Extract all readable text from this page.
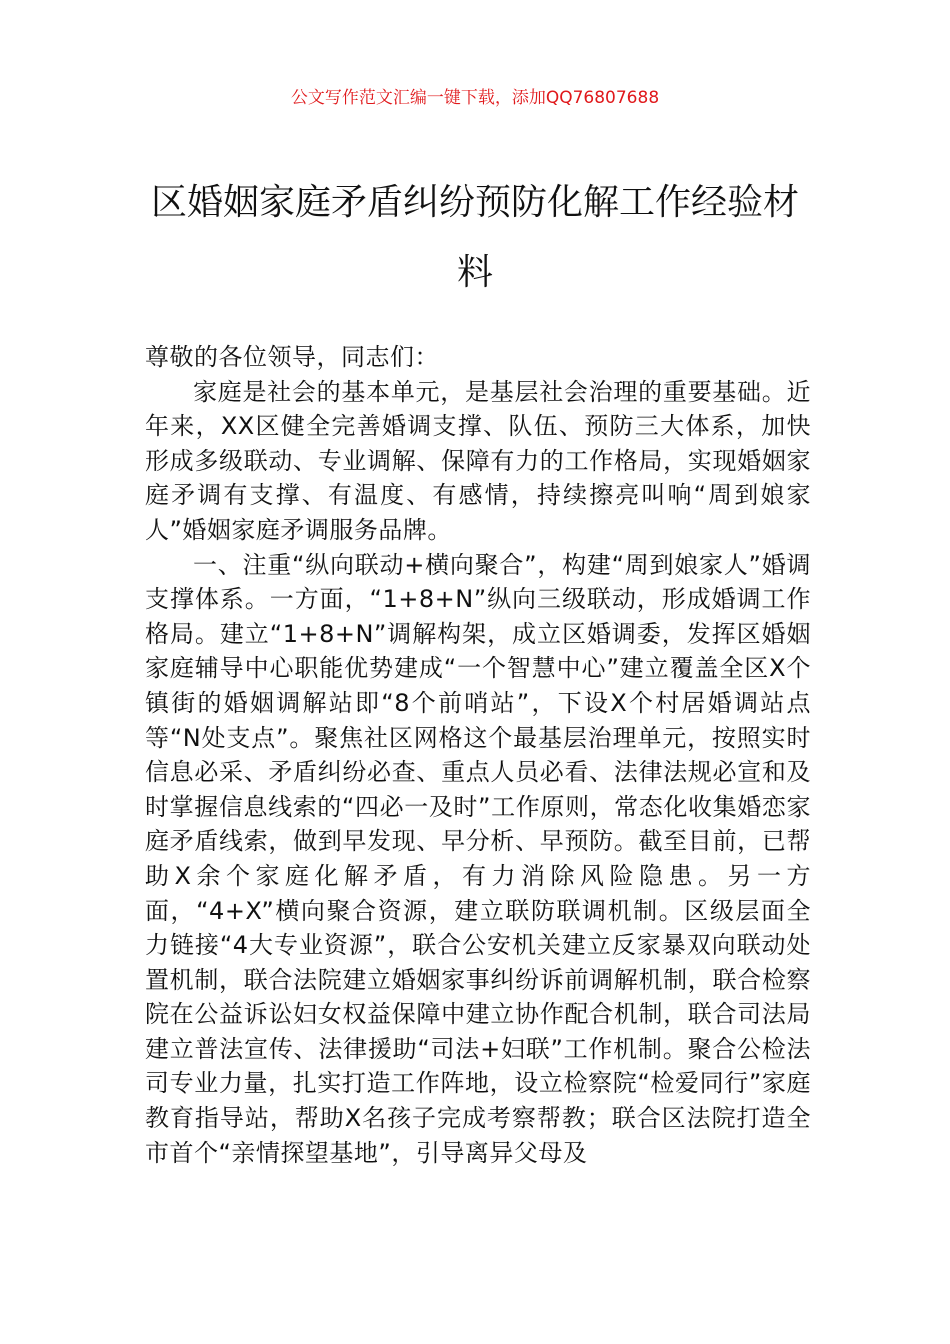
公文写作范文汇编一键下载，添加QQ76807688
区婚姻家庭矛盾纠纷预防化解工作经验材料

尊敬的各位领导，同志们：

家庭是社会的基本单元，是基层社会治理的重要基础。近年来，XX区健全完善婚调支撑、队伍、预防三大体系，加快形成多级联动、专业调解、保障有力的工作格局，实现婚姻家庭矛调有支撑、有温度、有感情，持续擦亮叫响“周到娘家人”婚姻家庭矛调服务品牌。

一、注重“纵向联动+横向聚合”，构建“周到娘家人”婚调支撑体系。一方面，“1+8+N”纵向三级联动，形成婚调工作格局。建立“1+8+N”调解构架，成立区婚调委，发挥区婚姻家庭辅导中心职能优势建成“一个智慧中心”建立覆盖全区X个镇街的婚姻调解站即“8个前哨站”，下设X个村居婚调站点等“N处支点”。聚焦社区网格这个最基层治理单元，按照实时信息必采、矛盾纠纷必查、重点人员必看、法律法规必宣和及时掌握信息线索的“四必一及时”工作原则，常态化收集婚恋家庭矛盾线索，做到早发现、早分析、早预防。截至目前，已帮助X余个家庭化解矛盾，有力消除风险隐患。另一方面，“4+X”横向聚合资源，建立联防联调机制。区级层面全力链接“4大专业资源”，联合公安机关建立反家暴双向联动处置机制，联合法院建立婚姻家事纠纷诉前调解机制，联合检察院在公益诉讼妇女权益保障中建立协作配合机制，联合司法局建立普法宣传、法律援助“司法+妇联”工作机制。聚合公检法司专业力量，扎实打造工作阵地，设立检察院“检爱同行”家庭教育指导站，帮助X名孩子完成考察帮教；联合区法院打造全市首个“亲情探望基地”，引导离异父母及
